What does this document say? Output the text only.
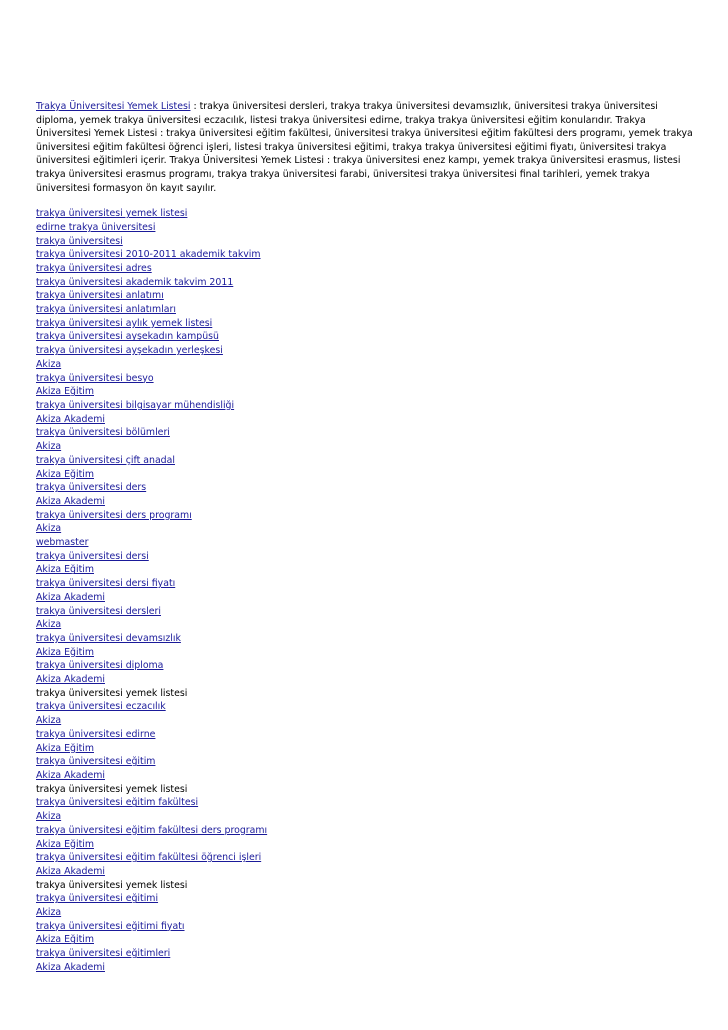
Trakya Üniversitesi Yemek Listesi : trakya üniversitesi dersleri, trakya trakya üniversitesi devamsızlık, üniversitesi trakya üniversitesi diploma, yemek trakya üniversitesi eczacılık, listesi trakya üniversitesi edirne, trakya trakya üniversitesi eğitim konularıdır. Trakya Üniversitesi Yemek Listesi : trakya üniversitesi eğitim fakültesi, üniversitesi trakya üniversitesi eğitim fakültesi ders programı, yemek trakya üniversitesi eğitim fakültesi öğrenci işleri, listesi trakya üniversitesi eğitimi, trakya trakya üniversitesi eğitimi fiyatı, üniversitesi trakya üniversitesi eğitimleri içerir. Trakya Üniversitesi Yemek Listesi : trakya üniversitesi enez kampı, yemek trakya üniversitesi erasmus, listesi trakya üniversitesi erasmus programı, trakya trakya üniversitesi farabi, üniversitesi trakya üniversitesi final tarihleri, yemek trakya üniversitesi formasyon ön kayıt sayılır.

trakya üniversitesi yemek listesi
edirne trakya üniversitesi
trakya üniversitesi
trakya üniversitesi 2010-2011 akademik takvim
trakya üniversitesi adres
trakya üniversitesi akademik takvim 2011
trakya üniversitesi anlatımı
trakya üniversitesi anlatımları
trakya üniversitesi aylık yemek listesi
trakya üniversitesi ayşekadın kampüsü
trakya üniversitesi ayşekadın yerleşkesi
Akiza
trakya üniversitesi besyo
Akiza Eğitim
trakya üniversitesi bilgisayar mühendisliği
Akiza Akademi
trakya üniversitesi bölümleri
Akiza
trakya üniversitesi çift anadal
Akiza Eğitim
trakya üniversitesi ders
Akiza Akademi
trakya üniversitesi ders programı
Akiza
webmaster
trakya üniversitesi dersi
Akiza Eğitim
trakya üniversitesi dersi fiyatı
Akiza Akademi
trakya üniversitesi dersleri
Akiza
trakya üniversitesi devamsızlık
Akiza Eğitim
trakya üniversitesi diploma
Akiza Akademi
trakya üniversitesi yemek listesi
trakya üniversitesi eczacılık
Akiza
trakya üniversitesi edirne
Akiza Eğitim
trakya üniversitesi eğitim
Akiza Akademi
trakya üniversitesi yemek listesi
trakya üniversitesi eğitim fakültesi
Akiza
trakya üniversitesi eğitim fakültesi ders programı
Akiza Eğitim
trakya üniversitesi eğitim fakültesi öğrenci işleri
Akiza Akademi
trakya üniversitesi yemek listesi
trakya üniversitesi eğitimi
Akiza
trakya üniversitesi eğitimi fiyatı
Akiza Eğitim
trakya üniversitesi eğitimleri
Akiza Akademi
